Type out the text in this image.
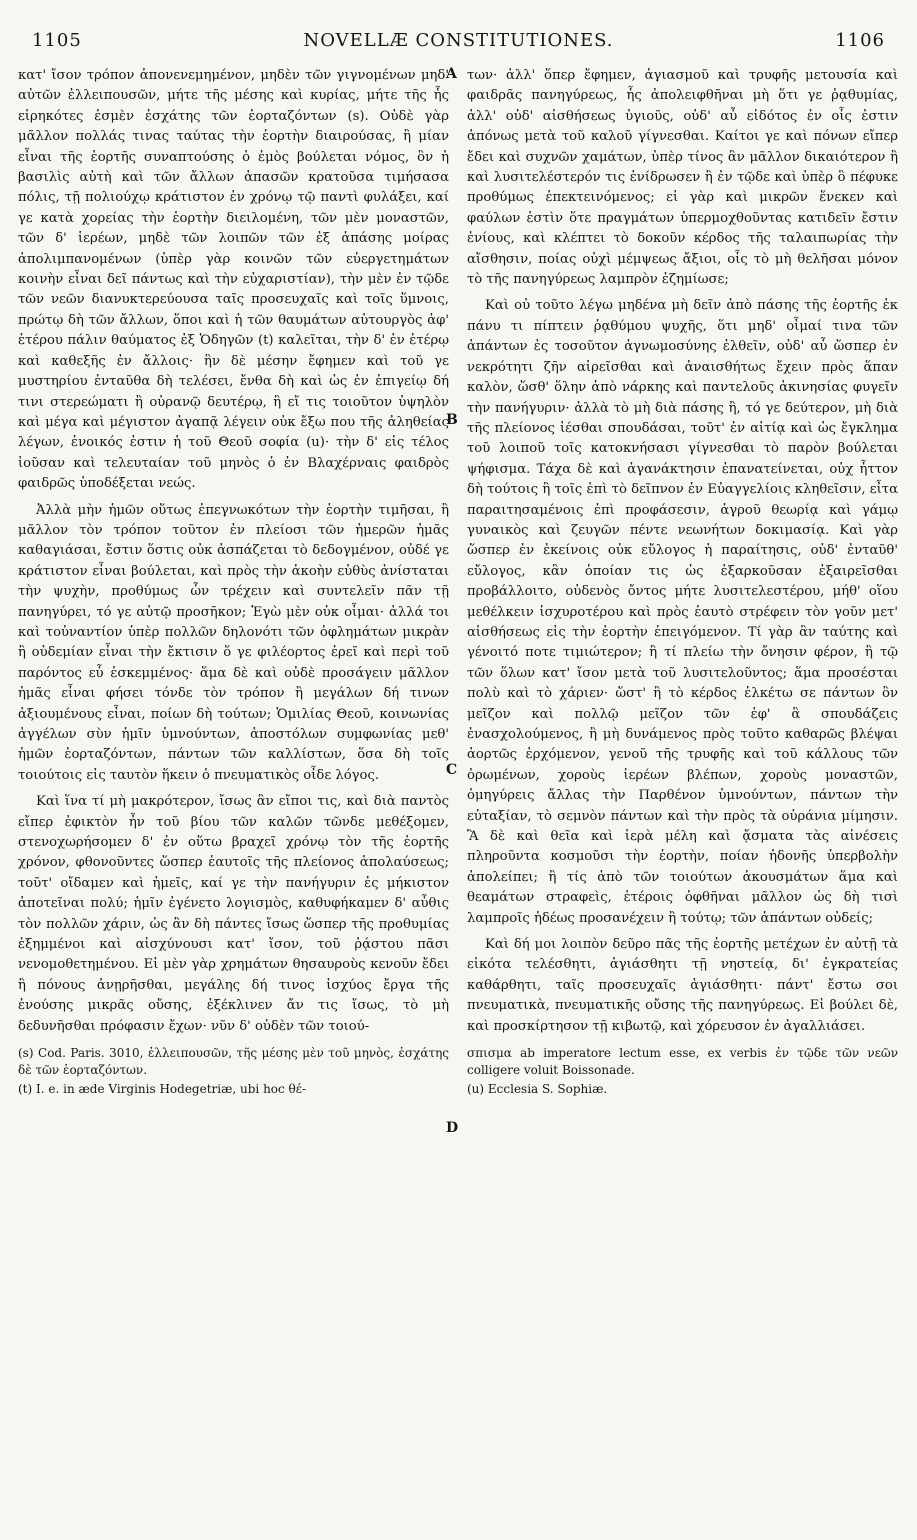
1105	NOVELLÆ CONSTITUTIONES.	1106
A
B
C
D

κατ' ἴσον τρόπον ἀπονενεμημένον, μηδὲν τῶν γιγνομένων μηδ' αὐτῶν ἐλλειπουσῶν, μήτε τῆς μέσης καὶ κυρίας, μήτε τῆς ἧς εἰρηκότες ἐσμὲν ἐσχάτης τῶν ἑορταζόντων (s). Οὐδὲ γὰρ μᾶλλον πολλάς τινας ταύτας τὴν ἑορτὴν διαιρούσας, ἢ μίαν εἶναι τῆς ἑορτῆς συναπτούσης ὁ ἐμὸς βούλεται νόμος, ὃν ἡ βασιλὶς αὐτὴ καὶ τῶν ἄλλων ἁπασῶν κρατοῦσα τιμήσασα πόλις, τῇ πολιούχῳ κράτιστον ἐν χρόνῳ τῷ παντὶ φυλάξει, καί γε κατὰ χορείας τὴν ἑορτὴν διειλομένη, τῶν μὲν μοναστῶν, τῶν δ' ἱερέων, μηδὲ τῶν λοιπῶν τῶν ἐξ ἁπάσης μοίρας ἀπολιμπανομένων (ὑπὲρ γὰρ κοινῶν τῶν εὐεργετημάτων κοινὴν εἶναι δεῖ πάντως καὶ τὴν εὐχαριστίαν), τὴν μὲν ἐν τῷδε τῶν νεῶν διανυκτερεύουσα ταῖς προσευχαῖς καὶ τοῖς ὕμνοις, πρώτῳ δὴ τῶν ἄλλων, ὅποι καὶ ἡ τῶν θαυμάτων αὐτουργὸς ἀφ' ἑτέρου πάλιν θαύματος ἐξ Ὁδηγῶν (t) καλεῖται, τὴν δ' ἐν ἑτέρῳ καὶ καθεξῆς ἐν ἄλλοις· ἣν δὲ μέσην ἔφημεν καὶ τοῦ γε μυστηρίου ἐνταῦθα δὴ τελέσει, ἔνθα δὴ καὶ ὡς ἐν ἐπιγείῳ δή τινι στερεώματι ἢ οὐρανῷ δευτέρῳ, ἢ εἴ τις τοιοῦτον ὑψηλὸν καὶ μέγα καὶ μέγιστον ἀγαπᾷ λέγειν οὐκ ἔξω που τῆς ἀληθείας λέγων, ἐνοικός ἐστιν ἡ τοῦ Θεοῦ σοφία (u)· τὴν δ' εἰς τέλος ἰοῦσαν καὶ τελευταίαν τοῦ μηνὸς ὁ ἐν Βλαχέρναις φαιδρὸς φαιδρῶς ὑποδέξεται νεώς.

Ἀλλὰ μὴν ἡμῶν οὕτως ἐπεγνωκότων τὴν ἑορτὴν τιμῆσαι, ἢ μᾶλλον τὸν τρόπον τοῦτον ἐν πλείοσι τῶν ἡμερῶν ἡμᾶς καθαγιάσαι, ἔστιν ὅστις οὐκ ἀσπάζεται τὸ δεδογμένον, οὐδέ γε κράτιστον εἶναι βούλεται, καὶ πρὸς τὴν ἀκοὴν εὐθὺς ἀνίσταται τὴν ψυχὴν, προθύμως ὧν τρέχειν καὶ συντελεῖν πᾶν τῇ πανηγύρει, τό γε αὐτῷ προσῆκον; Ἐγὼ μὲν οὐκ οἶμαι· ἀλλά τοι καὶ τοὐναντίον ὑπὲρ πολλῶν δηλονότι τῶν ὀφλημάτων μικρὰν ἢ οὐδεμίαν εἶναι τὴν ἔκτισιν ὅ γε φιλέορτος ἐρεῖ καὶ περὶ τοῦ παρόντος εὖ ἐσκεμμένος· ἅμα δὲ καὶ οὐδὲ προσάγειν μᾶλλον ἡμᾶς εἶναι φήσει τόνδε τὸν τρόπον ἢ μεγάλων δή τινων ἀξιουμένους εἶναι, ποίων δὴ τούτων; Ὁμιλίας Θεοῦ, κοινωνίας ἀγγέλων σὺν ἡμῖν ὑμνούντων, ἀποστόλων συμφωνίας μεθ' ἡμῶν ἑορταζόντων, πάντων τῶν καλλίστων, ὅσα δὴ τοῖς τοιούτοις εἰς ταυτὸν ἥκειν ὁ πνευματικὸς οἶδε λόγος.

Καὶ ἵνα τί μὴ μακρότερον, ἴσως ἂν εἴποι τις, καὶ διὰ παντὸς εἴπερ ἐφικτὸν ἦν τοῦ βίου τῶν καλῶν τῶνδε μεθέξομεν, στενοχωρήσομεν δ' ἐν οὕτω βραχεῖ χρόνῳ τὸν τῆς ἑορτῆς χρόνον, φθονοῦντες ὥσπερ ἑαυτοῖς τῆς πλείονος ἀπολαύσεως; τοῦτ' οἴδαμεν καὶ ἡμεῖς, καί γε τὴν πανήγυριν ἐς μήκιστον ἀποτεῖναι πολύ; ἡμῖν ἐγένετο λογισμὸς, καθυφήκαμεν δ' αὖθις τὸν πολλῶν χάριν, ὡς ἂν δὴ πάντες ἴσως ὥσπερ τῆς προθυμίας ἐξημμένοι καὶ αἰσχύνουσι κατ' ἴσον, τοῦ ῥᾴστου πᾶσι νενομοθετημένου. Εἰ μὲν γὰρ χρημάτων θησαυροὺς κενοῦν ἔδει ἢ πόνους ἀνῃρῆσθαι, μεγάλης δή τινος ἰσχύος ἔργα τῆς ἐνούσης μικρᾶς οὔσης, ἐξέκλινεν ἄν τις ἴσως, τὸ μὴ δεδυνῆσθαι πρόφασιν ἔχων· νῦν δ' οὐδὲν τῶν τοιού-

(s) Cod. Paris. 3010, ἐλλειπουσῶν, τῆς μέσης μὲν τοῦ μηνὸς, ἐσχάτης δὲ τῶν ἑορταζόντων.
(t) I. e. in æde Virginis Hodegetriæ, ubi hoc θέ-

των· ἀλλ' ὅπερ ἔφημεν, ἁγιασμοῦ καὶ τρυφῆς μετουσία καὶ φαιδρᾶς πανηγύρεως, ἧς ἀπολειφθῆναι μὴ ὅτι γε ῥᾳθυμίας, ἀλλ' οὐδ' αἰσθήσεως ὑγιοῦς, οὐδ' αὖ εἰδότος ἐν οἷς ἐστιν ἀπόνως μετὰ τοῦ καλοῦ γίγνεσθαι. Καίτοι γε καὶ πόνων εἴπερ ἔδει καὶ συχνῶν χαμάτων, ὑπὲρ τίνος ἂν μᾶλλον δικαιότερον ἢ καὶ λυσιτελέστερόν τις ἐνίδρωσεν ἢ ἐν τῷδε καὶ ὑπὲρ ὃ πέφυκε προθύμως ἐπεκτεινόμενος; εἰ γὰρ καὶ μικρῶν ἕνεκεν καὶ φαύλων ἐστὶν ὅτε πραγμάτων ὑπερμοχθοῦντας κατιδεῖν ἔστιν ἐνίους, καὶ κλέπτει τὸ δοκοῦν κέρδος τῆς ταλαιπωρίας τὴν αἴσθησιν, ποίας οὐχὶ μέμψεως ἄξιοι, οἷς τὸ μὴ θελῆσαι μόνον τὸ τῆς πανηγύρεως λαμπρὸν ἐζημίωσε;

Καὶ οὐ τοῦτο λέγω μηδένα μὴ δεῖν ἀπὸ πάσης τῆς ἑορτῆς ἐκ πάνυ τι πίπτειν ῥᾳθύμου ψυχῆς, ὅτι μηδ' οἶμαί τινα τῶν ἁπάντων ἐς τοσοῦτον ἀγνωμοσύνης ἐλθεῖν, οὐδ' αὖ ὥσπερ ἐν νεκρότητι ζῆν αἱρεῖσθαι καὶ ἀναισθήτως ἔχειν πρὸς ἅπαν καλὸν, ὥσθ' ὅλην ἀπὸ νάρκης καὶ παντελοῦς ἀκινησίας φυγεῖν τὴν πανήγυριν· ἀλλὰ τὸ μὴ διὰ πάσης ἢ, τό γε δεύτερον, μὴ διὰ τῆς πλείονος ἰέσθαι σπουδάσαι, τοῦτ' ἐν αἰτίᾳ καὶ ὡς ἔγκλημα τοῦ λοιποῦ τοῖς κατοκνήσασι γίγνεσθαι τὸ παρὸν βούλεται ψήφισμα. Τάχα δὲ καὶ ἀγανάκτησιν ἐπανατείνεται, οὐχ ἧττον δὴ τούτοις ἢ τοῖς ἐπὶ τὸ δεῖπνον ἐν Εὐαγγελίοις κληθεῖσιν, εἶτα παραιτησαμένοις ἐπὶ προφάσεσιν, ἀγροῦ θεωρίᾳ καὶ γάμῳ γυναικὸς καὶ ζευγῶν πέντε νεωνήτων δοκιμασίᾳ. Καὶ γὰρ ὥσπερ ἐν ἐκείνοις οὐκ εὔλογος ἡ παραίτησις, οὐδ' ἐνταῦθ' εὔλογος, κἂν ὁποίαν τις ὡς ἐξαρκοῦσαν ἐξαιρεῖσθαι προβάλλοιτο, οὐδενὸς ὄντος μήτε λυσιτελεστέρου, μήθ' οἵου μεθέλκειν ἰσχυροτέρου καὶ πρὸς ἑαυτὸ στρέφειν τὸν γοῦν μετ' αἰσθήσεως εἰς τὴν ἑορτὴν ἐπειγόμενον. Τί γὰρ ἂν ταύτης καὶ γένοιτό ποτε τιμιώτερον; ἢ τί πλείω τὴν ὄνησιν φέρον, ἢ τῷ τῶν ὅλων κατ' ἴσον μετὰ τοῦ λυσιτελοῦντος; ἅμα προσέσται πολὺ καὶ τὸ χάριεν· ὥστ' ἢ τὸ κέρδος ἑλκέτω σε πάντων ὂν μεῖζον καὶ πολλῷ μεῖζον τῶν ἐφ' ἃ σπουδάζεις ἐνασχολούμενος, ἢ μὴ δυνάμενος πρὸς τοῦτο καθαρῶς βλέψαι ἀορτῶς ἐρχόμενον, γενοῦ τῆς τρυφῆς καὶ τοῦ κάλλους τῶν ὁρωμένων, χοροὺς ἱερέων βλέπων, χοροὺς μοναστῶν, ὁμηγύρεις ἄλλας τὴν Παρθένον ὑμνούντων, πάντων τὴν εὐταξίαν, τὸ σεμνὸν πάντων καὶ τὴν πρὸς τὰ οὐράνια μίμησιν. Ἃ δὲ καὶ θεῖα καὶ ἱερὰ μέλη καὶ ᾄσματα τὰς αἰνέσεις πληροῦντα κοσμοῦσι τὴν ἑορτὴν, ποίαν ἡδονῆς ὑπερβολὴν ἀπολείπει; ἢ τίς ἀπὸ τῶν τοιούτων ἀκουσμάτων ἅμα καὶ θεαμάτων στραφεὶς, ἑτέροις ὀφθῆναι μᾶλλον ὡς δὴ τισὶ λαμπροῖς ἡδέως προσανέχειν ἢ τούτῳ; τῶν ἁπάντων οὐδείς;

Καὶ δή μοι λοιπὸν δεῦρο πᾶς τῆς ἑορτῆς μετέχων ἐν αὐτῇ τὰ εἰκότα τελέσθητι, ἁγιάσθητι τῇ νηστείᾳ, δι' ἐγκρατείας καθάρθητι, ταῖς προσευχαῖς ἁγιάσθητι· πάντ' ἔστω σοι πνευματικὰ, πνευματικῆς οὔσης τῆς πανηγύρεως. Εἰ βούλει δὲ, καὶ προσκίρτησον τῇ κιβωτῷ, καὶ χόρευσον ἐν ἀγαλλιάσει.

σπισμα ab imperatore lectum esse, ex verbis ἐν τῷδε τῶν νεῶν colligere voluit Boissonade.
(u) Ecclesia S. Sophiæ.
